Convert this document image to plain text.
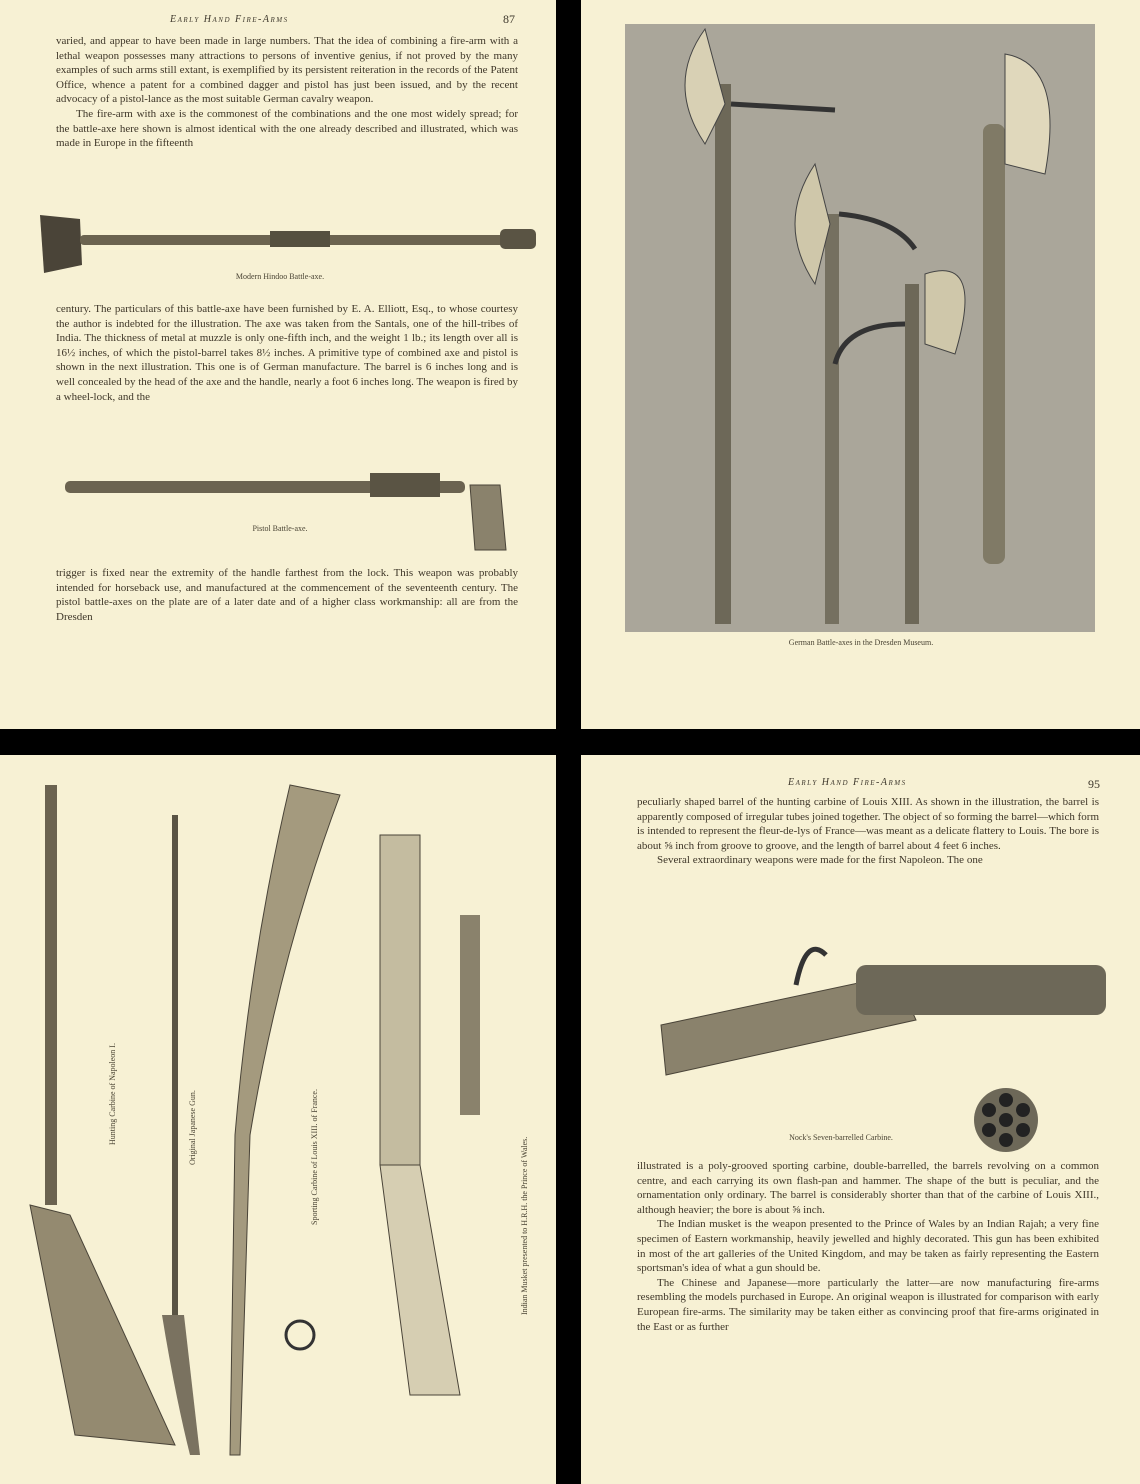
Early Hand Fire-Arms	87

varied, and appear to have been made in large numbers. That the idea of combining a fire-arm with a lethal weapon possesses many attractions to persons of inventive genius, if not proved by the many examples of such arms still extant, is exemplified by its persistent reiteration in the records of the Patent Office, whence a patent for a combined dagger and pistol has just been issued, and by the recent advocacy of a pistol-lance as the most suitable German cavalry weapon.

The fire-arm with axe is the commonest of the combinations and the one most widely spread; for the battle-axe here shown is almost identical with the one already described and illustrated, which was made in Europe in the fifteenth

Modern Hindoo Battle-axe.

century. The particulars of this battle-axe have been furnished by E. A. Elliott, Esq., to whose courtesy the author is indebted for the illustration. The axe was taken from the Santals, one of the hill-tribes of India. The thickness of metal at muzzle is only one-fifth inch, and the weight 1 lb.; its length over all is 16½ inches, of which the pistol-barrel takes 8½ inches. A primitive type of combined axe and pistol is shown in the next illustration. This one is of German manufacture. The barrel is 6 inches long and is well concealed by the head of the axe and the handle, nearly a foot 6 inches long. The weapon is fired by a wheel-lock, and the

Pistol Battle-axe.

trigger is fixed near the extremity of the handle farthest from the lock. This weapon was probably intended for horseback use, and manufactured at the commencement of the seventeenth century. The pistol battle-axes on the plate are of a later date and of a higher class workmanship: all are from the Dresden

German Battle-axes in the Dresden Museum.
Hunting Carbine of Napoleon I.	Original Japanese Gun.	Sporting Carbine of Louis XIII. of France.	Indian Musket presented to H.R.H. the Prince of Wales.
Early Hand Fire-Arms	95

peculiarly shaped barrel of the hunting carbine of Louis XIII. As shown in the illustration, the barrel is apparently composed of irregular tubes joined together. The object of so forming the barrel—which form is intended to represent the fleur-de-lys of France—was meant as a delicate flattery to Louis. The bore is about ⅝ inch from groove to groove, and the length of barrel about 4 feet 6 inches.

Several extraordinary weapons were made for the first Napoleon. The one

Nock's Seven-barrelled Carbine.

illustrated is a poly-grooved sporting carbine, double-barrelled, the barrels revolving on a common centre, and each carrying its own flash-pan and hammer. The shape of the butt is peculiar, and the ornamentation only ordinary. The barrel is considerably shorter than that of the carbine of Louis XIII., although heavier; the bore is about ⅝ inch.

The Indian musket is the weapon presented to the Prince of Wales by an Indian Rajah; a very fine specimen of Eastern workmanship, heavily jewelled and highly decorated. This gun has been exhibited in most of the art galleries of the United Kingdom, and may be taken as fairly representing the Eastern sportsman's idea of what a gun should be.

The Chinese and Japanese—more particularly the latter—are now manufacturing fire-arms resembling the models purchased in Europe. An original weapon is illustrated for comparison with early European fire-arms. The similarity may be taken either as convincing proof that fire-arms originated in the East or as further
